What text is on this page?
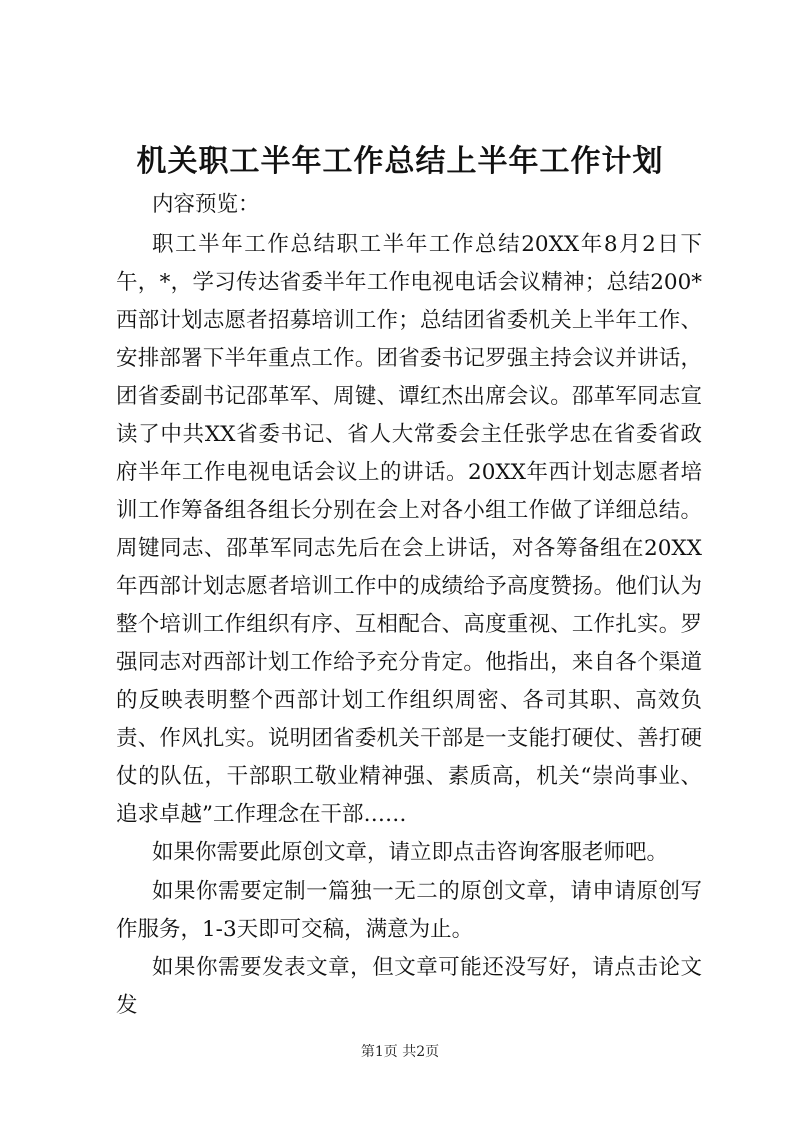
机关职工半年工作总结上半年工作计划

内容预览：

职工半年工作总结职工半年工作总结20XX年8月2日下午，*，学习传达省委半年工作电视电话会议精神；总结200*西部计划志愿者招募培训工作；总结团省委机关上半年工作、安排部署下半年重点工作。团省委书记罗强主持会议并讲话，团省委副书记邵革军、周键、谭红杰出席会议。邵革军同志宣读了中共XX省委书记、省人大常委会主任张学忠在省委省政府半年工作电视电话会议上的讲话。20XX年西计划志愿者培训工作筹备组各组长分别在会上对各小组工作做了详细总结。周键同志、邵革军同志先后在会上讲话，对各筹备组在20XX年西部计划志愿者培训工作中的成绩给予高度赞扬。他们认为整个培训工作组织有序、互相配合、高度重视、工作扎实。罗强同志对西部计划工作给予充分肯定。他指出，来自各个渠道的反映表明整个西部计划工作组织周密、各司其职、高效负责、作风扎实。说明团省委机关干部是一支能打硬仗、善打硬仗的队伍，干部职工敬业精神强、素质高，机关“崇尚事业、追求卓越”工作理念在干部……

如果你需要此原创文章，请立即点击咨询客服老师吧。

如果你需要定制一篇独一无二的原创文章，请申请原创写作服务，1-3天即可交稿，满意为止。

如果你需要发表文章，但文章可能还没写好，请点击论文发

第1页 共2页
